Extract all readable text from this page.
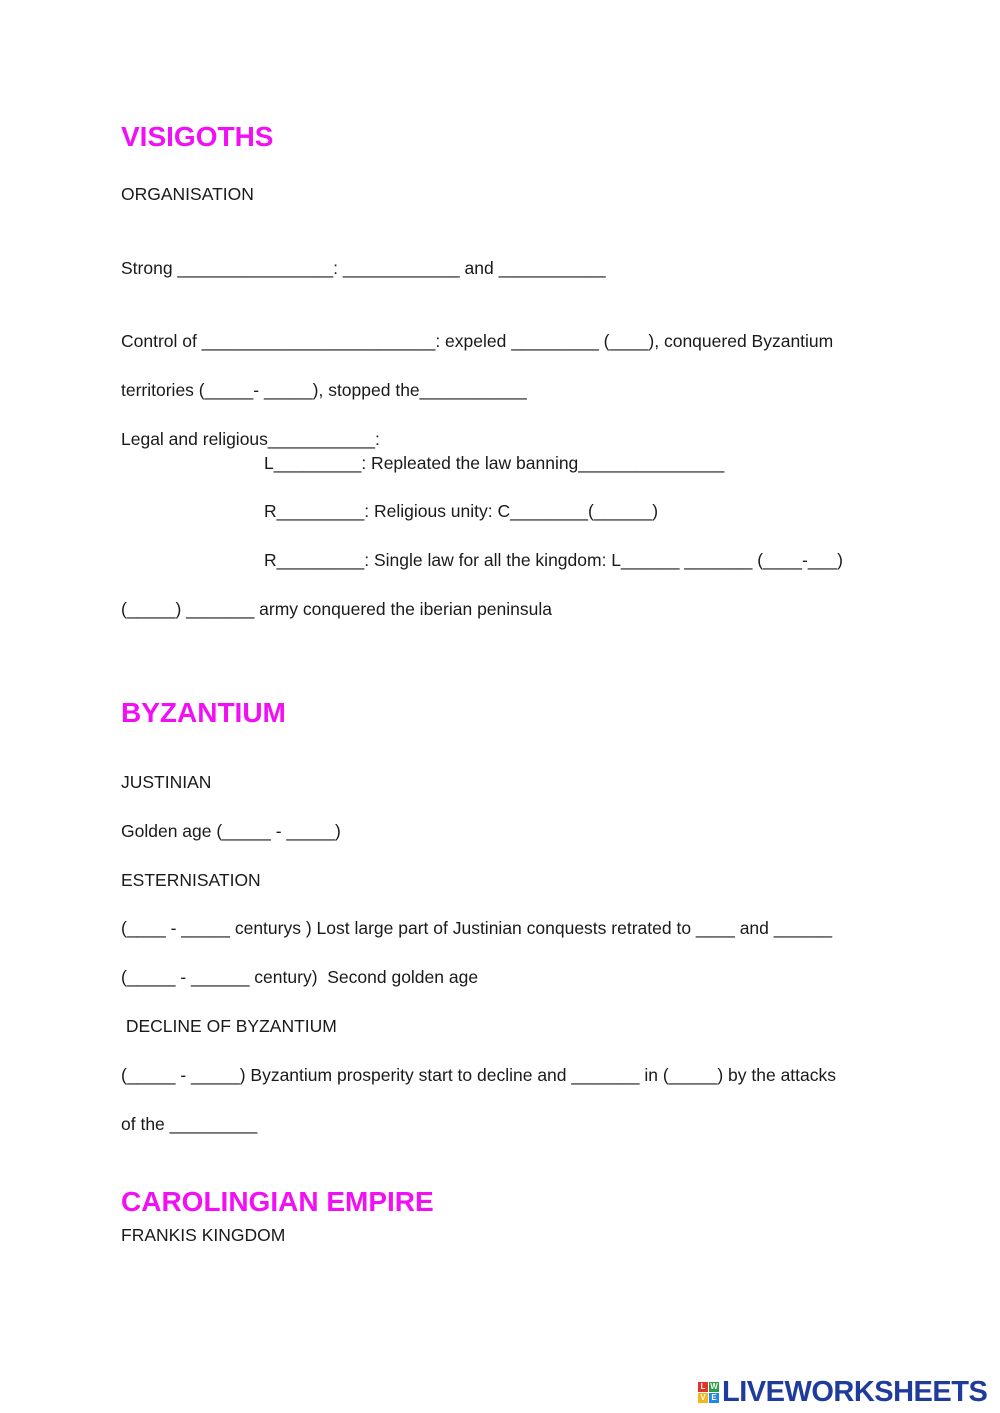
VISIGOTHS
ORGANISATION
Strong ________________: ____________ and ___________
Control of ________________________: expeled _________ (____), conquered Byzantium
territories (_____- _____), stopped the___________
Legal and religious___________:
L_________: Repleated the law banning_______________
R_________: Religious unity: C________(______)
R_________: Single law for all the kingdom: L______ _______ (____-___)
(_____) _______ army conquered the iberian peninsula
BYZANTIUM
JUSTINIAN
Golden age (_____ - _____)
ESTERNISATION
(____ - _____ centurys ) Lost large part of Justinian conquests retrated to ____ and ______
(_____ - ______ century)  Second golden age
DECLINE OF BYZANTIUM
(_____ - _____) Byzantium prosperity start to decline and _______ in (_____) by the attacks
of the _________
CAROLINGIAN EMPIRE
FRANKIS KINGDOM
L W
V E LIVEWORKSHEETS
